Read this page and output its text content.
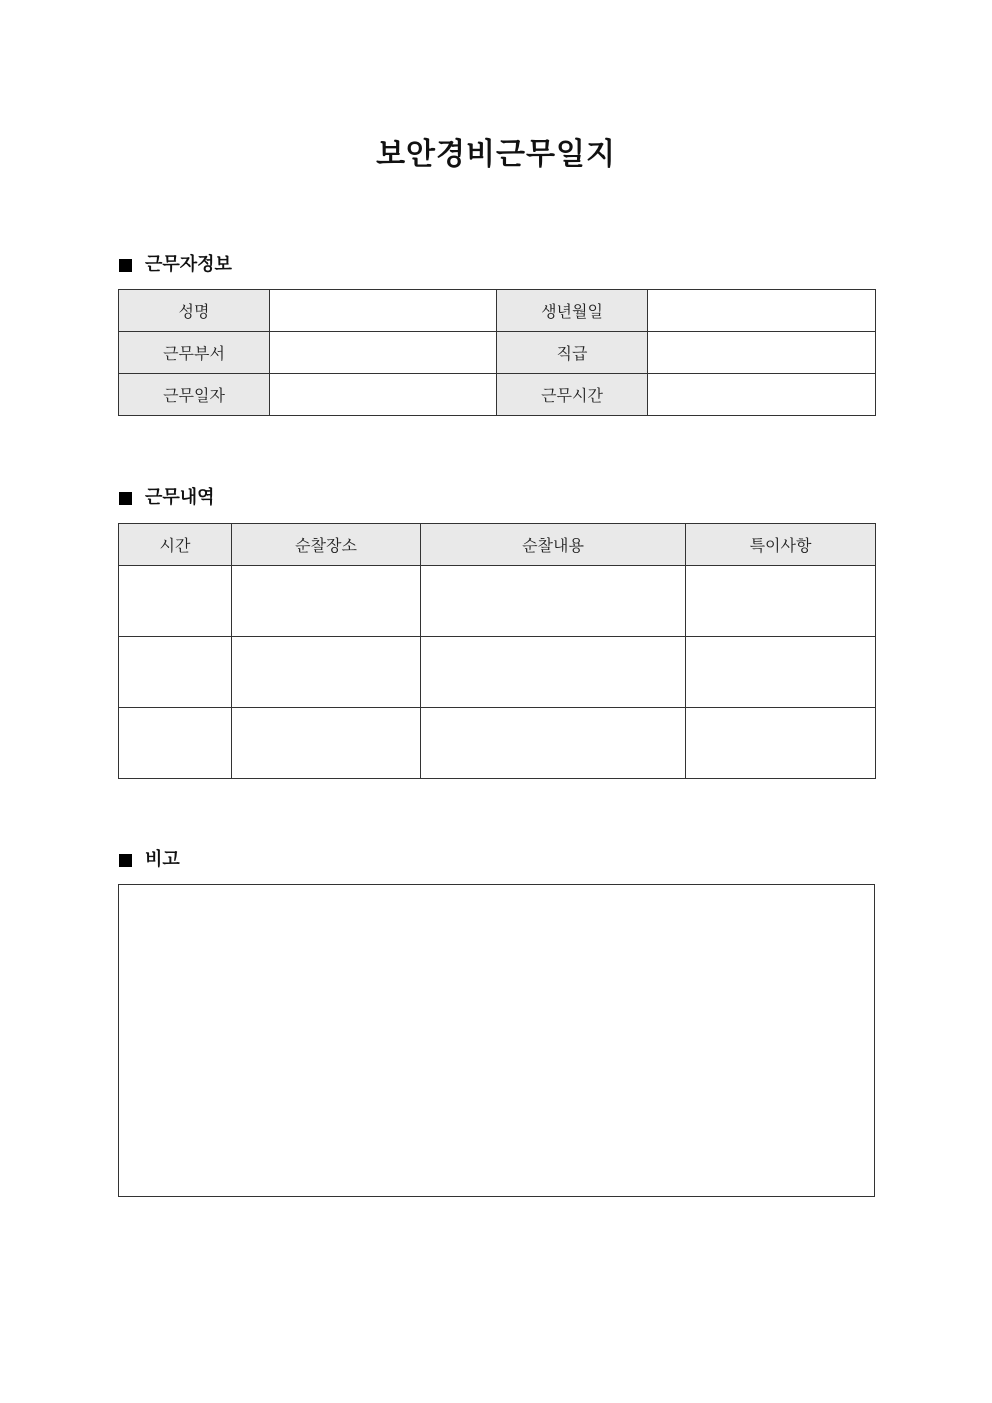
보안경비근무일지
근무자정보
성명		생년월일	
근무부서		직급	
근무일자		근무시간	
근무내역
시간	순찰장소	순찰내용	특이사항

비고
